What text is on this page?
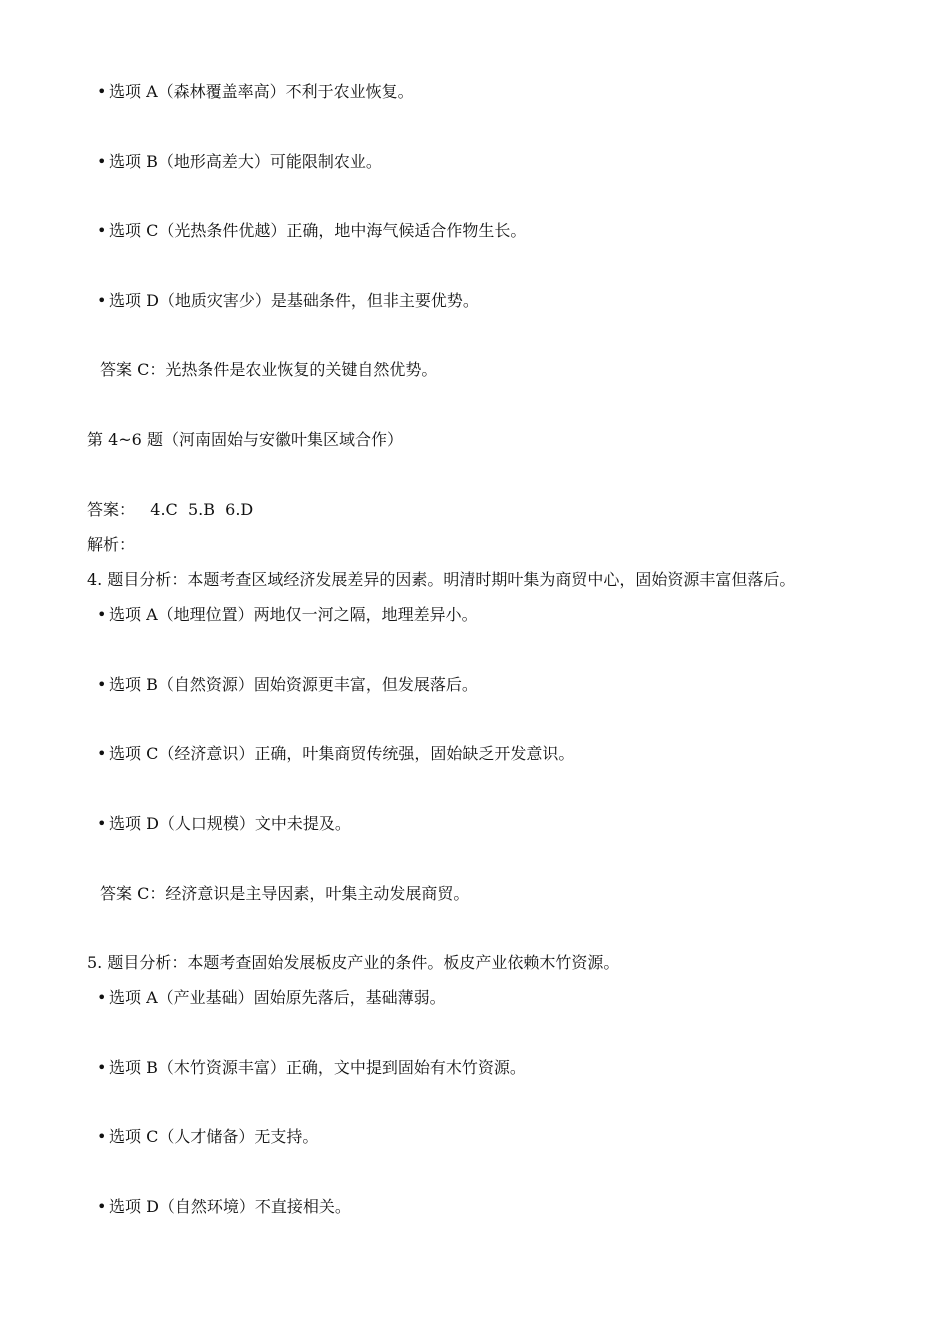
• 选项 A（森林覆盖率高）不利于农业恢复。
• 选项 B（地形高差大）可能限制农业。
• 选项 C（光热条件优越）正确，地中海气候适合作物生长。
• 选项 D（地质灾害少）是基础条件，但非主要优势。
答案 C：光热条件是农业恢复的关键自然优势。
第 4~6 题（河南固始与安徽叶集区域合作）
答案：   4.C  5.B  6.D
解析：
4. 题目分析：本题考查区域经济发展差异的因素。明清时期叶集为商贸中心，固始资源丰富但落后。
• 选项 A（地理位置）两地仅一河之隔，地理差异小。
• 选项 B（自然资源）固始资源更丰富，但发展落后。
• 选项 C（经济意识）正确，叶集商贸传统强，固始缺乏开发意识。
• 选项 D（人口规模）文中未提及。
答案 C：经济意识是主导因素，叶集主动发展商贸。
5. 题目分析：本题考查固始发展板皮产业的条件。板皮产业依赖木竹资源。
• 选项 A（产业基础）固始原先落后，基础薄弱。
• 选项 B（木竹资源丰富）正确，文中提到固始有木竹资源。
• 选项 C（人才储备）无支持。
• 选项 D（自然环境）不直接相关。
